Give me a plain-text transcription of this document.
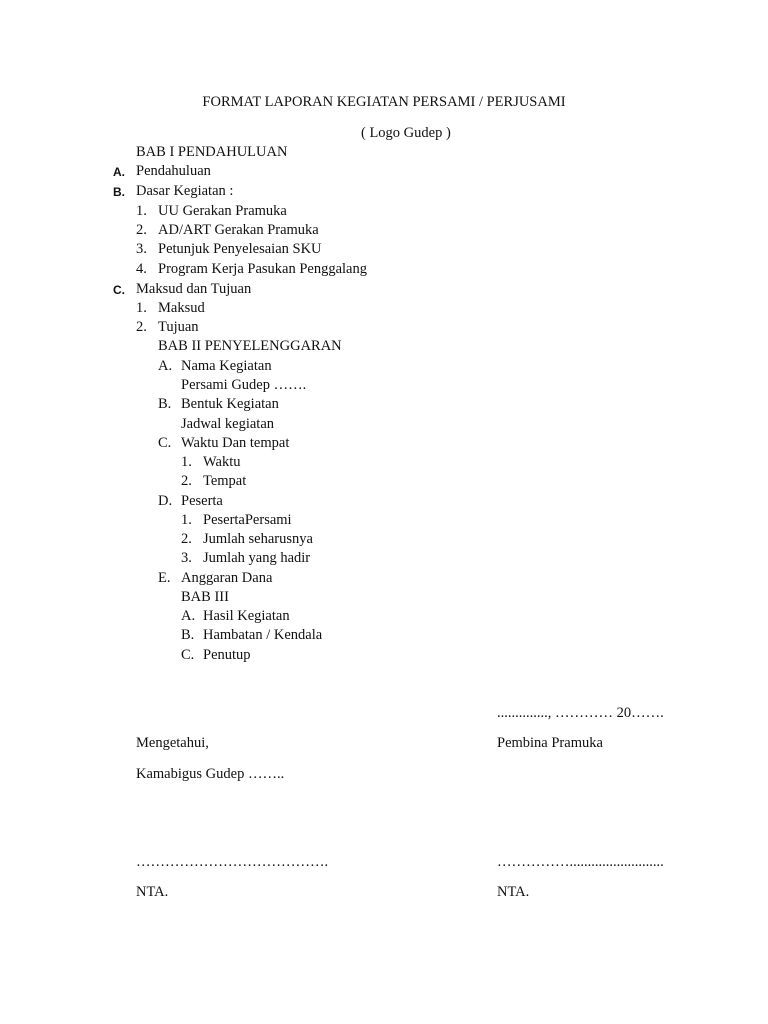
FORMAT LAPORAN KEGIATAN PERSAMI / PERJUSAMI
( Logo Gudep )
BAB I PENDAHULUAN
A. Pendahuluan
B. Dasar Kegiatan :
1. UU Gerakan Pramuka
2. AD/ART Gerakan Pramuka
3. Petunjuk Penyelesaian SKU
4. Program Kerja Pasukan Penggalang
C. Maksud dan Tujuan
1. Maksud
2. Tujuan
BAB II PENYELENGGARAN
A. Nama Kegiatan
Persami Gudep …….
B. Bentuk Kegiatan
Jadwal kegiatan
C. Waktu Dan tempat
1. Waktu
2. Tempat
D. Peserta
1. PesertaPersami
2. Jumlah seharusnya
3. Jumlah yang hadir
E. Anggaran Dana
BAB III
A. Hasil Kegiatan
B. Hambatan / Kendala
C. Penutup
.............., ………… 20…….
Mengetahui,	Pembina Pramuka
Kamabigus Gudep ……..
………………………………….	……………..........................
NTA.	NTA.
